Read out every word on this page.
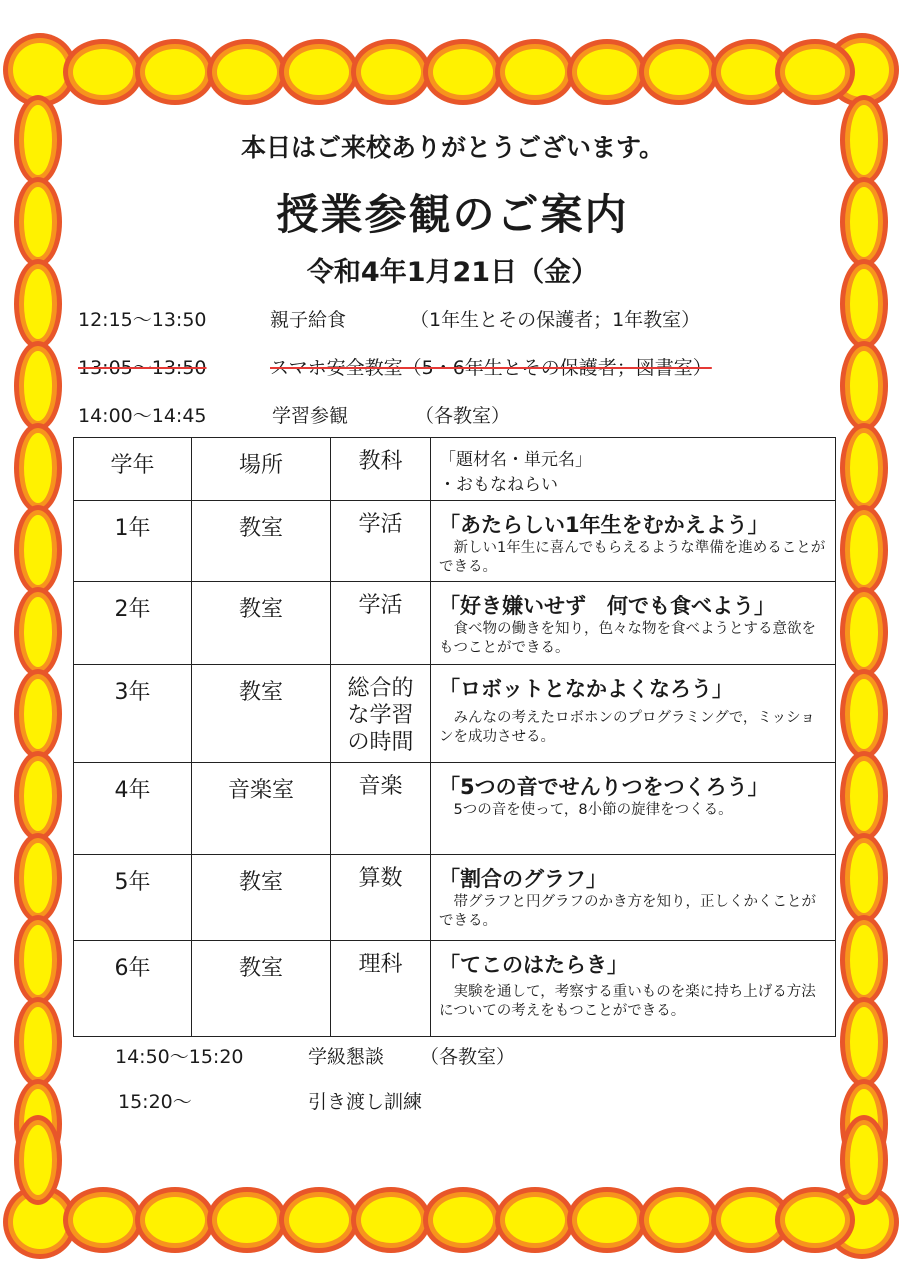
本日はご来校ありがとうございます。
授業参観のご案内
令和4年1月21日（金）
12:15〜13:50	親子給食	（1年生とその保護者；1年教室）
13:05〜13:50	スマホ安全教室（5・6年生とその保護者；図書室）
14:00〜14:45	学習参観	（各教室）
学年	場所	教科	「題材名・単元名」
・おもなねらい

1年	教室	学活	「あたらしい1年生をむかえよう」
新しい1年生に喜んでもらえるような準備を進めることができる。

2年	教室	学活	「好き嫌いせず　何でも食べよう」
食べ物の働きを知り，色々な物を食べようとする意欲をもつことができる。

3年	教室	総合的な学習の時間	「ロボットとなかよくなろう」
みんなの考えたロボホンのプログラミングで，ミッションを成功させる。

4年	音楽室	音楽	「5つの音でせんりつをつくろう」
5つの音を使って，8小節の旋律をつくる。

5年	教室	算数	「割合のグラフ」
帯グラフと円グラフのかき方を知り，正しくかくことができる。

6年	教室	理科	「てこのはたらき」
実験を通して，考察する重いものを楽に持ち上げる方法についての考えをもつことができる。
14:50〜15:20	学級懇談 （各教室）
15:20〜	引き渡し訓練
